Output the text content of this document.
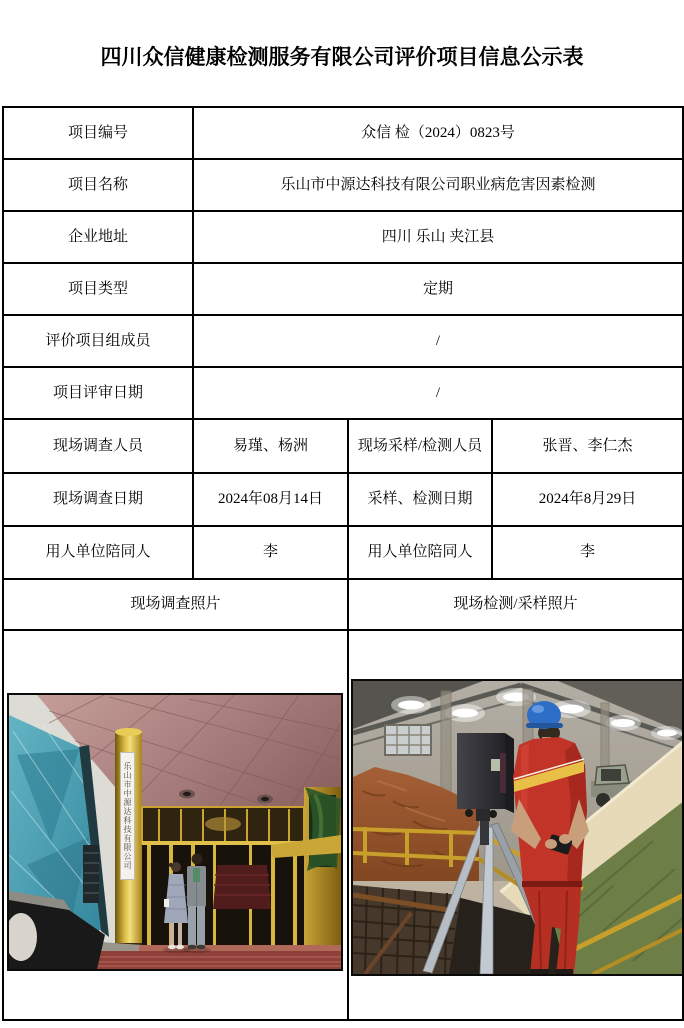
四川众信健康检测服务有限公司评价项目信息公示表
项目编号	众信 检（2024）0823号		
项目名称	乐山市中源达科技有限公司职业病危害因素检测		
企业地址	四川 乐山 夹江县		
项目类型	定期		
评价项目组成员	/		
项目评审日期	/		
现场调查人员	易瑾、杨洲	现场采样/检测人员	张晋、李仁杰
现场调查日期	2024年08月14日	采样、检测日期	2024年8月29日
用人单位陪同人	李	用人单位陪同人	李
现场调查照片		现场检测/采样照片	

乐山市中源达科技有限公司
